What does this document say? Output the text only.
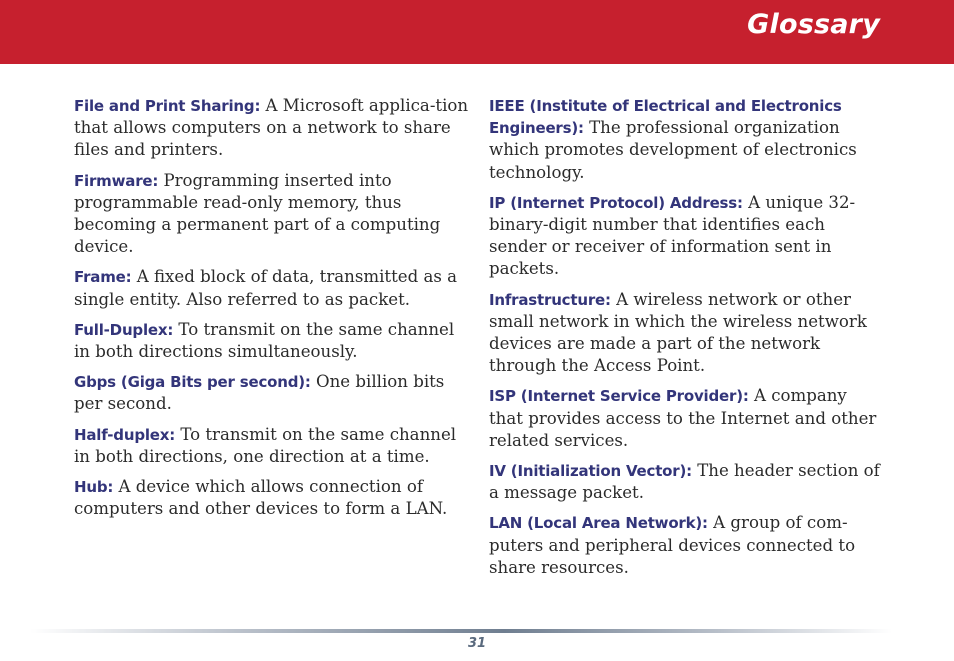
Glossary

File and Print Sharing: A Microsoft applica-tion that allows computers on a network to share files and printers.

Firmware: Programming inserted into programmable read-only memory, thus becoming a permanent part of a computing device.

Frame: A fixed block of data, transmitted as a single entity. Also referred to as packet.

Full-Duplex: To transmit on the same channel in both directions simultaneously.

Gbps (Giga Bits per second): One billion bits per second.

Half-duplex: To transmit on the same channel in both directions, one direction at a time.

Hub: A device which allows connection of computers and other devices to form a LAN.

IEEE (Institute of Electrical and Electronics Engineers): The professional organization which promotes development of electronics technology.

IP (Internet Protocol) Address: A unique 32-binary-digit number that identifies each sender or receiver of information sent in packets.

Infrastructure: A wireless network or other small network in which the wireless network devices are made a part of the network through the Access Point.

ISP (Internet Service Provider): A company that provides access to the Internet and other related services.

IV (Initialization Vector): The header section of a message packet.

LAN (Local Area Network): A group of com-puters and peripheral devices connected to share resources.

31
